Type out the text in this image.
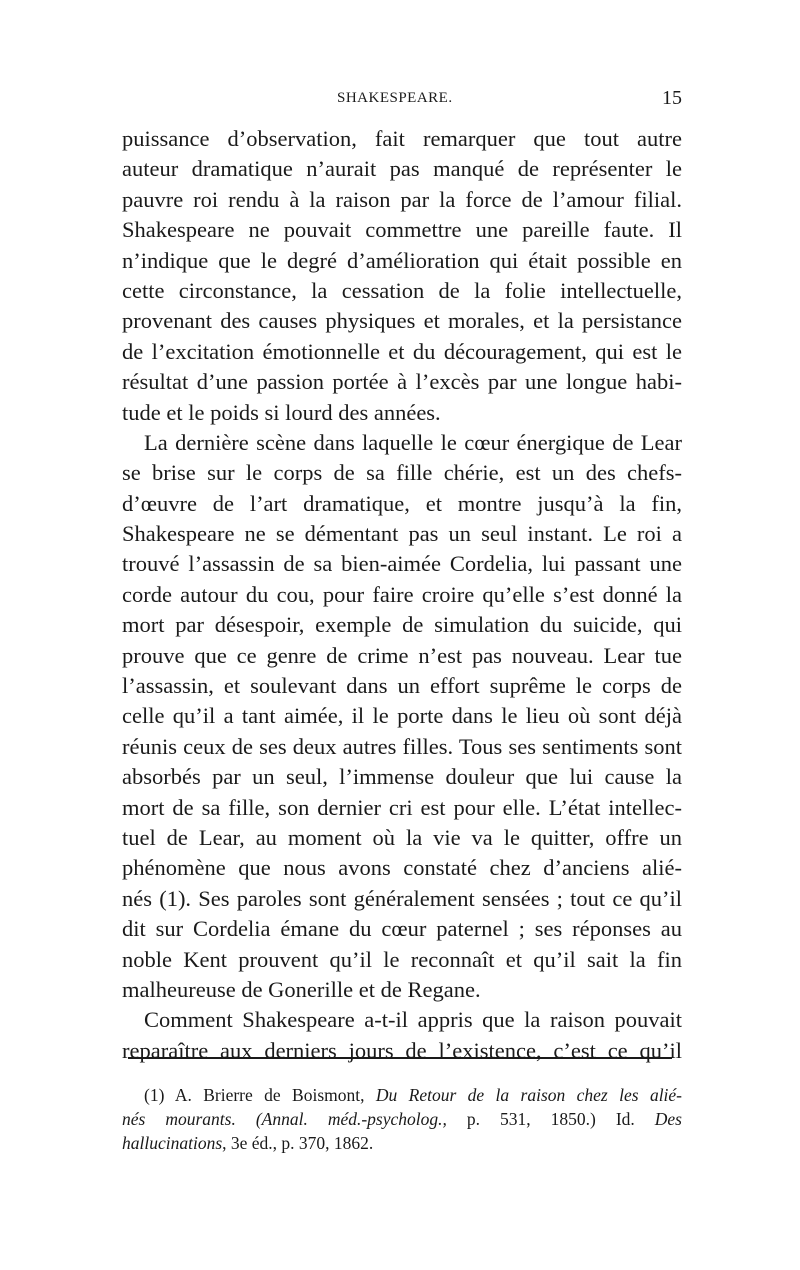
SHAKESPEARE.	15
puissance d’observation, fait remarquer que tout autre
auteur dramatique n’aurait pas manqué de représenter le
pauvre roi rendu à la raison par la force de l’amour filial.
Shakespeare ne pouvait commettre une pareille faute. Il
n’indique que le degré d’amélioration qui était possible en
cette circonstance, la cessation de la folie intellectuelle,
provenant des causes physiques et morales, et la persistance
de l’excitation émotionnelle et du découragement, qui est le
résultat d’une passion portée à l’excès par une longue habi-
tude et le poids si lourd des années.
La dernière scène dans laquelle le cœur énergique de Lear
se brise sur le corps de sa fille chérie, est un des chefs-
d’œuvre de l’art dramatique, et montre jusqu’à la fin,
Shakespeare ne se démentant pas un seul instant. Le roi a
trouvé l’assassin de sa bien-aimée Cordelia, lui passant une
corde autour du cou, pour faire croire qu’elle s’est donné la
mort par désespoir, exemple de simulation du suicide, qui
prouve que ce genre de crime n’est pas nouveau. Lear tue
l’assassin, et soulevant dans un effort suprême le corps de
celle qu’il a tant aimée, il le porte dans le lieu où sont déjà
réunis ceux de ses deux autres filles. Tous ses sentiments sont
absorbés par un seul, l’immense douleur que lui cause la
mort de sa fille, son dernier cri est pour elle. L’état intellec-
tuel de Lear, au moment où la vie va le quitter, offre un
phénomène que nous avons constaté chez d’anciens alié-
nés (1). Ses paroles sont généralement sensées ; tout ce qu’il
dit sur Cordelia émane du cœur paternel ; ses réponses au
noble Kent prouvent qu’il le reconnaît et qu’il sait la fin
malheureuse de Gonerille et de Regane.
Comment Shakespeare a-t-il appris que la raison pouvait
reparaître aux derniers jours de l’existence, c’est ce qu’il
(1) A. Brierre de Boismont, Du Retour de la raison chez les alié-
nés mourants. (Annal. méd.-psycholog., p. 531, 1850.) Id. Des
hallucinations, 3e éd., p. 370, 1862.
